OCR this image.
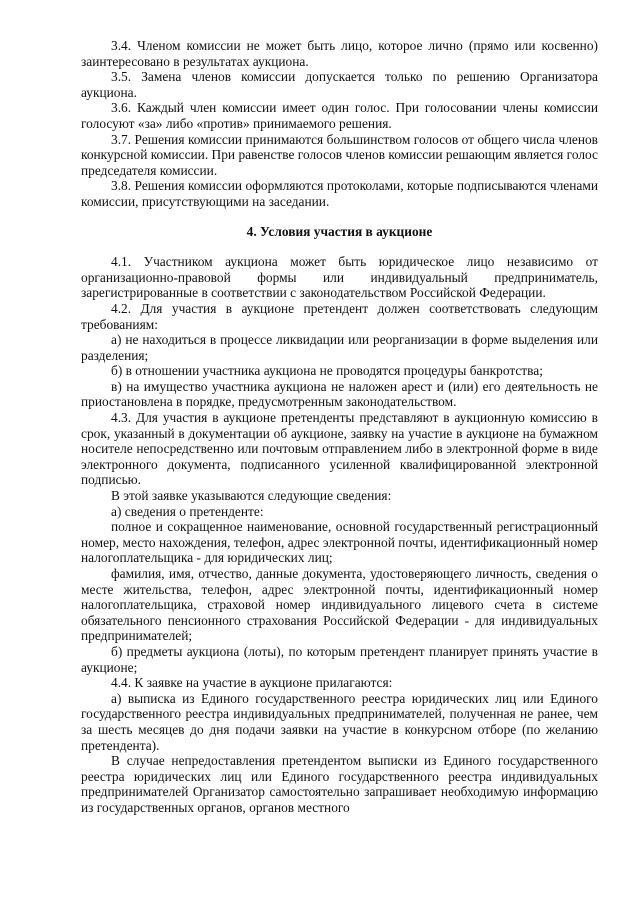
3.4. Членом комиссии не может быть лицо, которое лично (прямо или косвенно) заинтересовано в результатах аукциона.

3.5. Замена членов комиссии допускается только по решению Организатора аукциона.

3.6. Каждый член комиссии имеет один голос. При голосовании члены комиссии голосуют «за» либо «против» принимаемого решения.

3.7. Решения комиссии принимаются большинством голосов от общего числа членов конкурсной комиссии. При равенстве голосов членов комиссии решающим является голос председателя комиссии.

3.8. Решения комиссии оформляются протоколами, которые подписываются членами комиссии, присутствующими на заседании.

4. Условия участия в аукционе

4.1. Участником аукциона может быть юридическое лицо независимо от организационно-правовой формы или индивидуальный предприниматель, зарегистрированные в соответствии с законодательством Российской Федерации.

4.2. Для участия в аукционе претендент должен соответствовать следующим требованиям:

а) не находиться в процессе ликвидации или реорганизации в форме выделения или разделения;

б) в отношении участника аукциона не проводятся процедуры банкротства;

в) на имущество участника аукциона не наложен арест и (или) его деятельность не приостановлена в порядке, предусмотренным законодательством.

4.3. Для участия в аукционе претенденты представляют в аукционную комиссию в срок, указанный в документации об аукционе, заявку на участие в аукционе на бумажном носителе непосредственно или почтовым отправлением либо в электронной форме в виде электронного документа, подписанного усиленной квалифицированной электронной подписью.

В этой заявке указываются следующие сведения:

а) сведения о претенденте:

полное и сокращенное наименование, основной государственный регистрационный номер, место нахождения, телефон, адрес электронной почты, идентификационный номер налогоплательщика - для юридических лиц;

фамилия, имя, отчество, данные документа, удостоверяющего личность, сведения о месте жительства, телефон, адрес электронной почты, идентификационный номер налогоплательщика, страховой номер индивидуального лицевого счета в системе обязательного пенсионного страхования Российской Федерации - для индивидуальных предпринимателей;

б) предметы аукциона (лоты), по которым претендент планирует принять участие в аукционе;

4.4. К заявке на участие в аукционе прилагаются:

а) выписка из Единого государственного реестра юридических лиц или Единого государственного реестра индивидуальных предпринимателей, полученная не ранее, чем за шесть месяцев до дня подачи заявки на участие в конкурсном отборе (по желанию претендента).

В случае непредоставления претендентом выписки из Единого государственного реестра юридических лиц или Единого государственного реестра индивидуальных предпринимателей Организатор самостоятельно запрашивает необходимую информацию из государственных органов, органов местного
